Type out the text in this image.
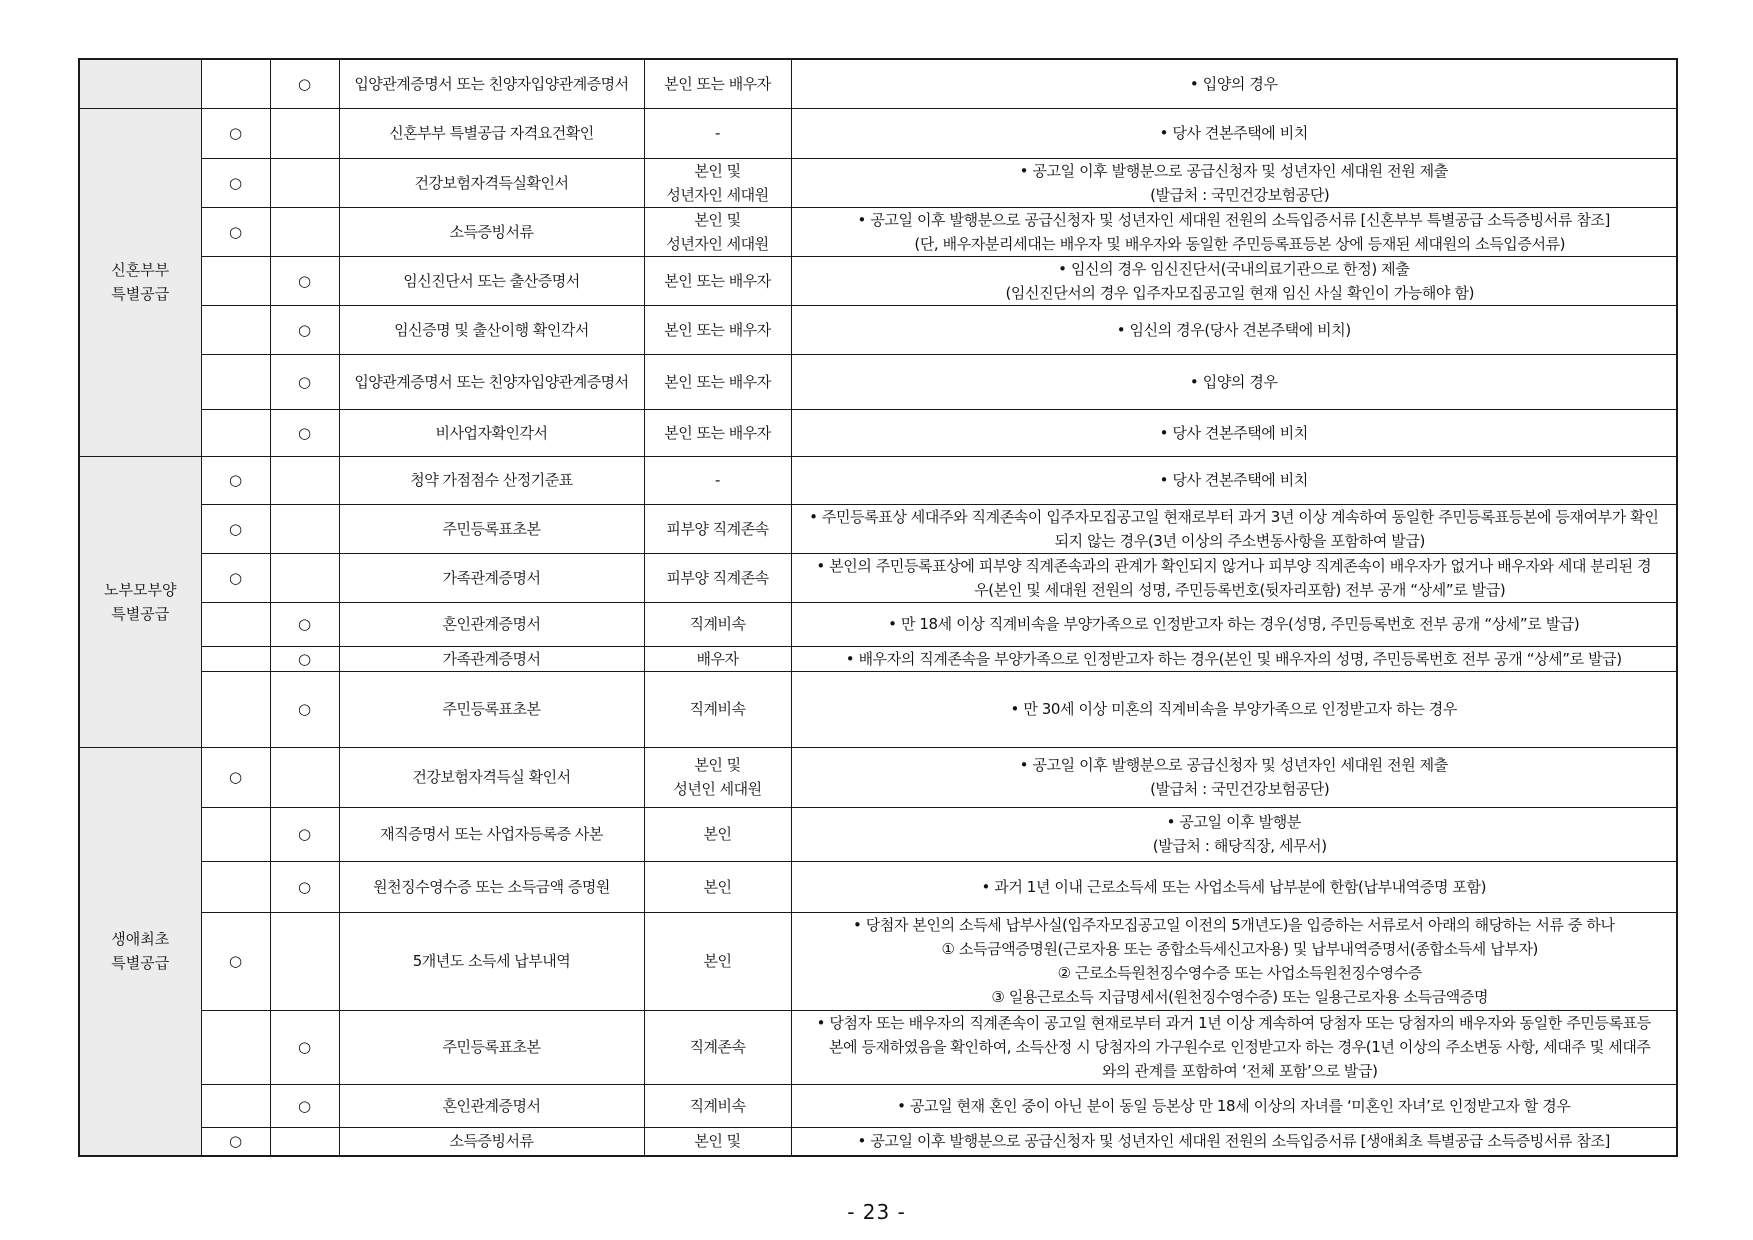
		○	입양관계증명서 또는 친양자입양관계증명서	본인 또는 배우자	• 입양의 경우

신혼부부
특별공급	○		신혼부부 특별공급 자격요건확인	-	• 당사 견본주택에 비치

	○		건강보험자격득실확인서	본인 및
성년자인 세대원	• 공고일 이후 발행분으로 공급신청자 및 성년자인 세대원 전원 제출
(발급처 : 국민건강보험공단)

	○		소득증빙서류	본인 및
성년자인 세대원	• 공고일 이후 발행분으로 공급신청자 및 성년자인 세대원 전원의 소득입증서류 [신혼부부 특별공급 소득증빙서류 참조]
(단, 배우자분리세대는 배우자 및 배우자와 동일한 주민등록표등본 상에 등재된 세대원의 소득입증서류)

		○	임신진단서 또는 출산증명서	본인 또는 배우자	• 임신의 경우 임신진단서(국내의료기관으로 한정) 제출
(임신진단서의 경우 입주자모집공고일 현재 임신 사실 확인이 가능해야 함)

		○	임신증명 및 출산이행 확인각서	본인 또는 배우자	• 임신의 경우(당사 견본주택에 비치)

		○	입양관계증명서 또는 친양자입양관계증명서	본인 또는 배우자	• 입양의 경우

		○	비사업자확인각서	본인 또는 배우자	• 당사 견본주택에 비치

노부모부양
특별공급	○		청약 가점점수 산정기준표	-	• 당사 견본주택에 비치

	○		주민등록표초본	피부양 직계존속	• 주민등록표상 세대주와 직계존속이 입주자모집공고일 현재로부터 과거 3년 이상 계속하여 동일한 주민등록표등본에 등재여부가 확인
되지 않는 경우(3년 이상의 주소변동사항을 포함하여 발급)

	○		가족관계증명서	피부양 직계존속	• 본인의 주민등록표상에 피부양 직계존속과의 관계가 확인되지 않거나 피부양 직계존속이 배우자가 없거나 배우자와 세대 분리된 경
우(본인 및 세대원 전원의 성명, 주민등록번호(뒷자리포함) 전부 공개 “상세”로 발급)

		○	혼인관계증명서	직계비속	• 만 18세 이상 직계비속을 부양가족으로 인정받고자 하는 경우(성명, 주민등록번호 전부 공개 “상세”로 발급)

		○	가족관계증명서	배우자	• 배우자의 직계존속을 부양가족으로 인정받고자 하는 경우(본인 및 배우자의 성명, 주민등록번호 전부 공개 “상세”로 발급)

		○	주민등록표초본	직계비속	• 만 30세 이상 미혼의 직계비속을 부양가족으로 인정받고자 하는 경우

생애최초
특별공급	○		건강보험자격득실 확인서	본인 및
성년인 세대원	• 공고일 이후 발행분으로 공급신청자 및 성년자인 세대원 전원 제출
(발급처 : 국민건강보험공단)

		○	재직증명서 또는 사업자등록증 사본	본인	• 공고일 이후 발행분
(발급처 : 해당직장, 세무서)

		○	원천징수영수증 또는 소득금액 증명원	본인	• 과거 1년 이내 근로소득세 또는 사업소득세 납부분에 한함(납부내역증명 포함)

	○		5개년도 소득세 납부내역	본인	• 당첨자 본인의 소득세 납부사실(입주자모집공고일 이전의 5개년도)을 입증하는 서류로서 아래의 해당하는 서류 중 하나
① 소득금액증명원(근로자용 또는 종합소득세신고자용) 및 납부내역증명서(종합소득세 납부자)
② 근로소득원천징수영수증 또는 사업소득원천징수영수증
③ 일용근로소득 지급명세서(원천징수영수증) 또는 일용근로자용 소득금액증명

		○	주민등록표초본	직계존속	• 당첨자 또는 배우자의 직계존속이 공고일 현재로부터 과거 1년 이상 계속하여 당첨자 또는 당첨자의 배우자와 동일한 주민등록표등
본에 등재하였음을 확인하여, 소득산정 시 당첨자의 가구원수로 인정받고자 하는 경우(1년 이상의 주소변동 사항, 세대주 및 세대주
와의 관계를 포함하여 ‘전체 포함’으로 발급)

		○	혼인관계증명서	직계비속	• 공고일 현재 혼인 중이 아닌 분이 동일 등본상 만 18세 이상의 자녀를 ‘미혼인 자녀’로 인정받고자 할 경우

	○		소득증빙서류	본인 및	• 공고일 이후 발행분으로 공급신청자 및 성년자인 세대원 전원의 소득입증서류 [생애최초 특별공급 소득증빙서류 참조]
- 23 -
